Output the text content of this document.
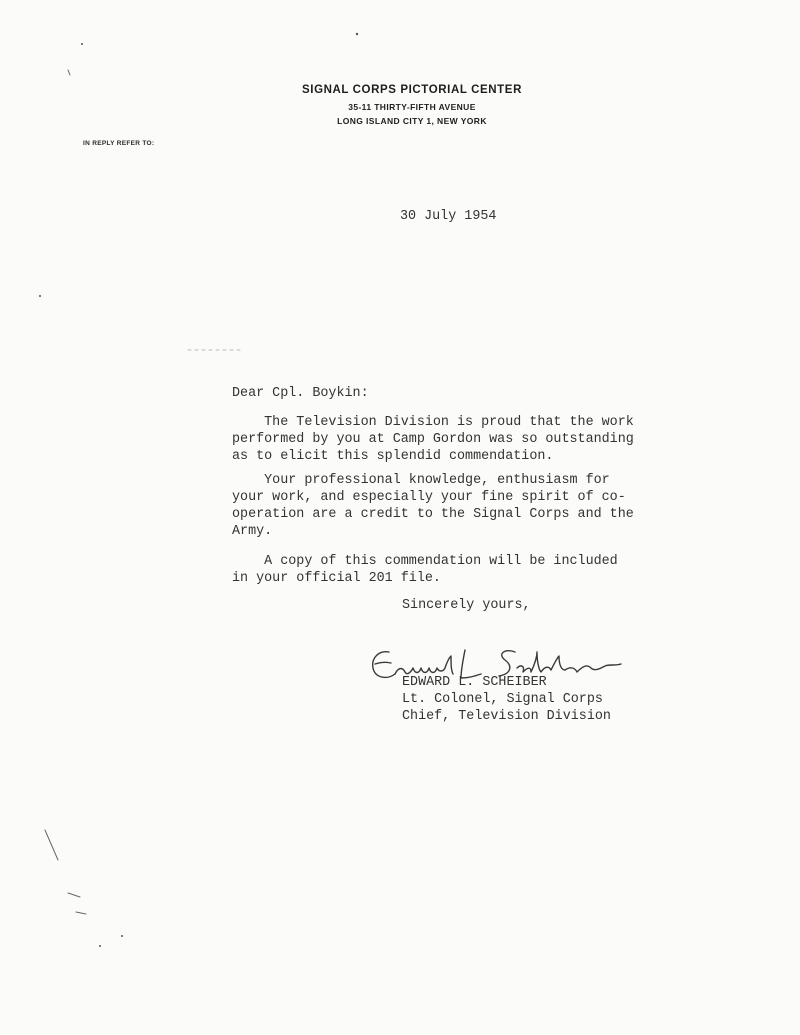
SIGNAL CORPS PICTORIAL CENTER
35-11 THIRTY-FIFTH AVENUE
LONG ISLAND CITY 1, NEW YORK
IN REPLY REFER TO:
30 July 1954
Dear Cpl. Boykin:
The Television Division is proud that the work
performed by you at Camp Gordon was so outstanding
as to elicit this splendid commendation.
Your professional knowledge, enthusiasm for
your work, and especially your fine spirit of co-
operation are a credit to the Signal Corps and the
Army.
A copy of this commendation will be included
in your official 201 file.
Sincerely yours,
EDWARD L. SCHEIBER
Lt. Colonel, Signal Corps
Chief, Television Division
